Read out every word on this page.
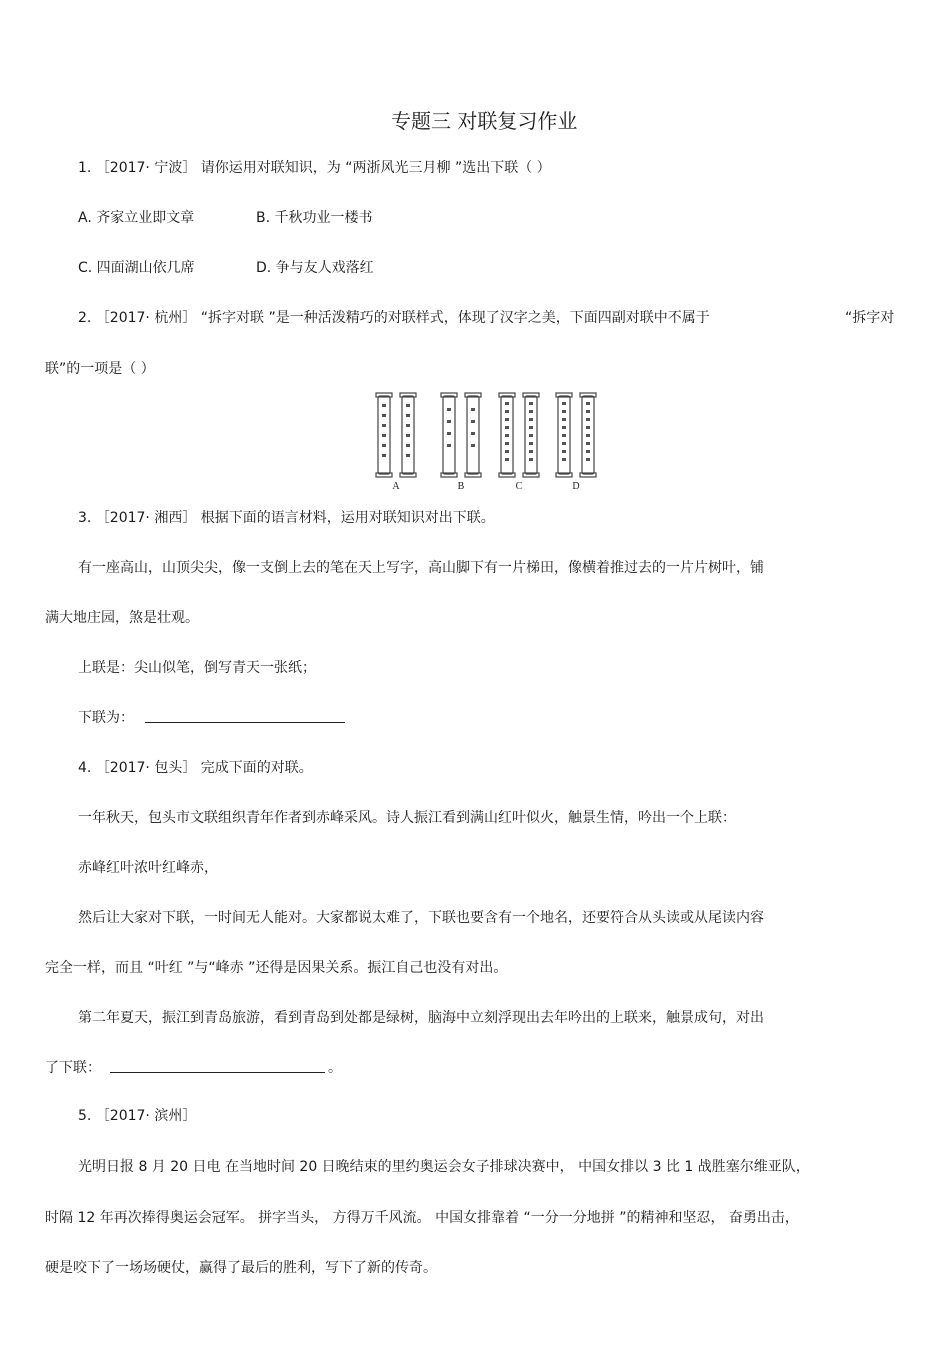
专题三 对联复习作业
1. ［2017· 宁波］ 请你运用对联知识，为 “两浙风光三月柳 ”选出下联（ ）
A. 齐家立业即文章	B. 千秋功业一楼书
C. 四面湖山依几席	D. 争与友人戏落红
2. ［2017· 杭州］ “拆字对联 ”是一种活泼精巧的对联样式，体现了汉字之美，下面四副对联中不属于	“拆字对
联”的一项是（ ）
A	B	C	D
3. ［2017· 湘西］ 根据下面的语言材料，运用对联知识对出下联。
有一座高山，山顶尖尖，像一支倒上去的笔在天上写字，高山脚下有一片梯田，像横着推过去的一片片树叶，铺
满大地庄园，煞是壮观。
上联是：尖山似笔，倒写青天一张纸；
下联为：
4. ［2017· 包头］ 完成下面的对联。
一年秋天，包头市文联组织青年作者到赤峰采风。诗人振江看到满山红叶似火，触景生情，吟出一个上联：
赤峰红叶浓叶红峰赤，
然后让大家对下联，一时间无人能对。大家都说太难了，下联也要含有一个地名，还要符合从头读或从尾读内容
完全一样，而且 “叶红 ”与“峰赤 ”还得是因果关系。振江自己也没有对出。
第二年夏天，振江到青岛旅游，看到青岛到处都是绿树，脑海中立刻浮现出去年吟出的上联来，触景成句，对出
了下联：	。
5. ［2017· 滨州］
光明日报 8 月 20 日电 在当地时间 20 日晚结束的里约奥运会女子排球决赛中， 中国女排以 3 比 1 战胜塞尔维亚队，
时隔 12 年再次捧得奥运会冠军。 拼字当头， 方得万千风流。 中国女排靠着 “一分一分地拼 ”的精神和坚忍， 奋勇出击，
硬是咬下了一场场硬仗，赢得了最后的胜利，写下了新的传奇。
